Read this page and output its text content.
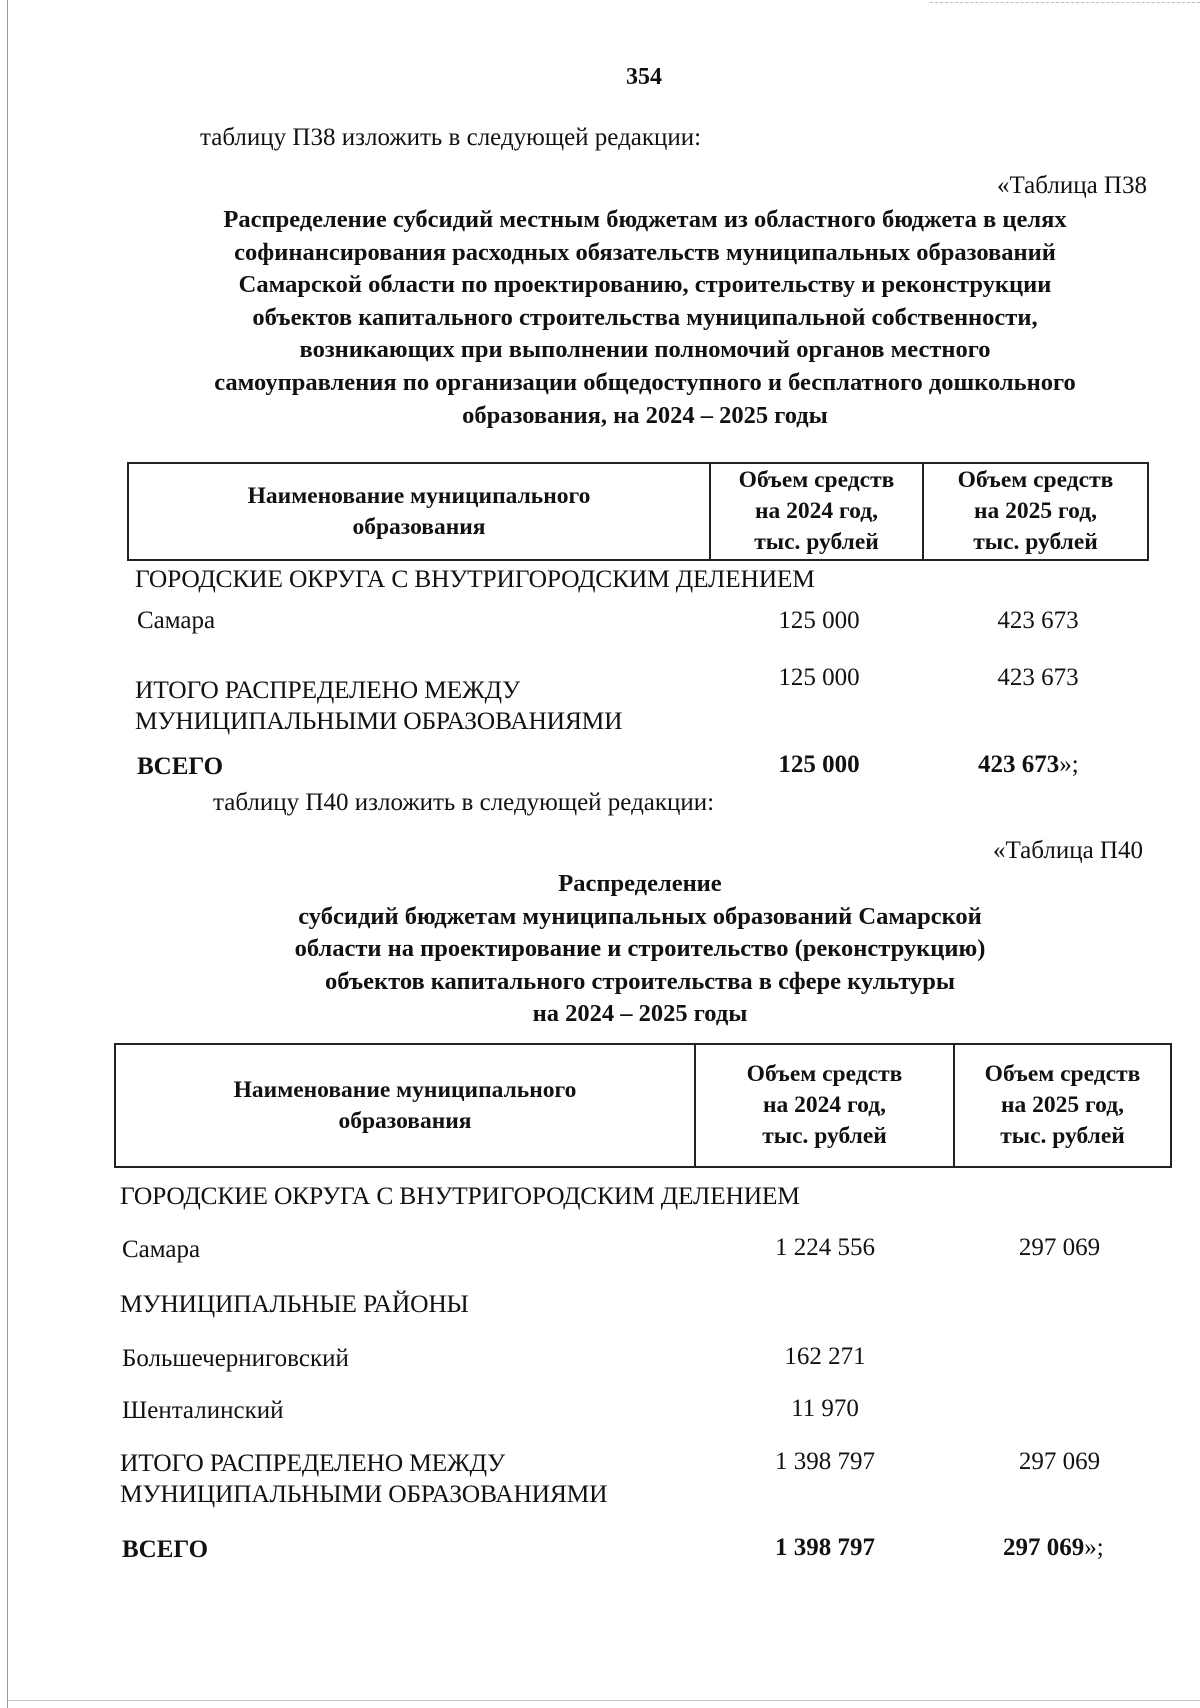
354
таблицу П38 изложить в следующей редакции:
«Таблица П38
Распределение субсидий местным бюджетам из областного бюджета в целях
софинансирования расходных обязательств муниципальных образований
Самарской области по проектированию, строительству и реконструкции
объектов капитального строительства муниципальной собственности,
возникающих при выполнении полномочий органов местного
самоуправления по организации общедоступного и бесплатного дошкольного
образования, на 2024 – 2025 годы
Наименование муниципального
образования

Объем средств
на 2024 год,
тыс. рублей

Объем средств
на 2025 год,
тыс. рублей
ГОРОДСКИЕ ОКРУГА С ВНУТРИГОРОДСКИМ ДЕЛЕНИЕМ
Самара	125 000	423 673
ИТОГО РАСПРЕДЕЛЕНО МЕЖДУ
МУНИЦИПАЛЬНЫМИ ОБРАЗОВАНИЯМИ
125 000	423 673
ВСЕГО	125 000	423 673»;
таблицу П40 изложить в следующей редакции:
«Таблица П40
Распределение
субсидий бюджетам муниципальных образований Самарской
области на проектирование и строительство (реконструкцию)
объектов капитального строительства в сфере культуры
на 2024 – 2025 годы
Наименование муниципального
образования

Объем средств
на 2024 год,
тыс. рублей

Объем средств
на 2025 год,
тыс. рублей
ГОРОДСКИЕ ОКРУГА С ВНУТРИГОРОДСКИМ ДЕЛЕНИЕМ
Самара	1 224 556	297 069
МУНИЦИПАЛЬНЫЕ РАЙОНЫ
Большечерниговский	162 271
Шенталинский	11 970
ИТОГО РАСПРЕДЕЛЕНО МЕЖДУ
МУНИЦИПАЛЬНЫМИ ОБРАЗОВАНИЯМИ
1 398 797	297 069
ВСЕГО	1 398 797	297 069»;
